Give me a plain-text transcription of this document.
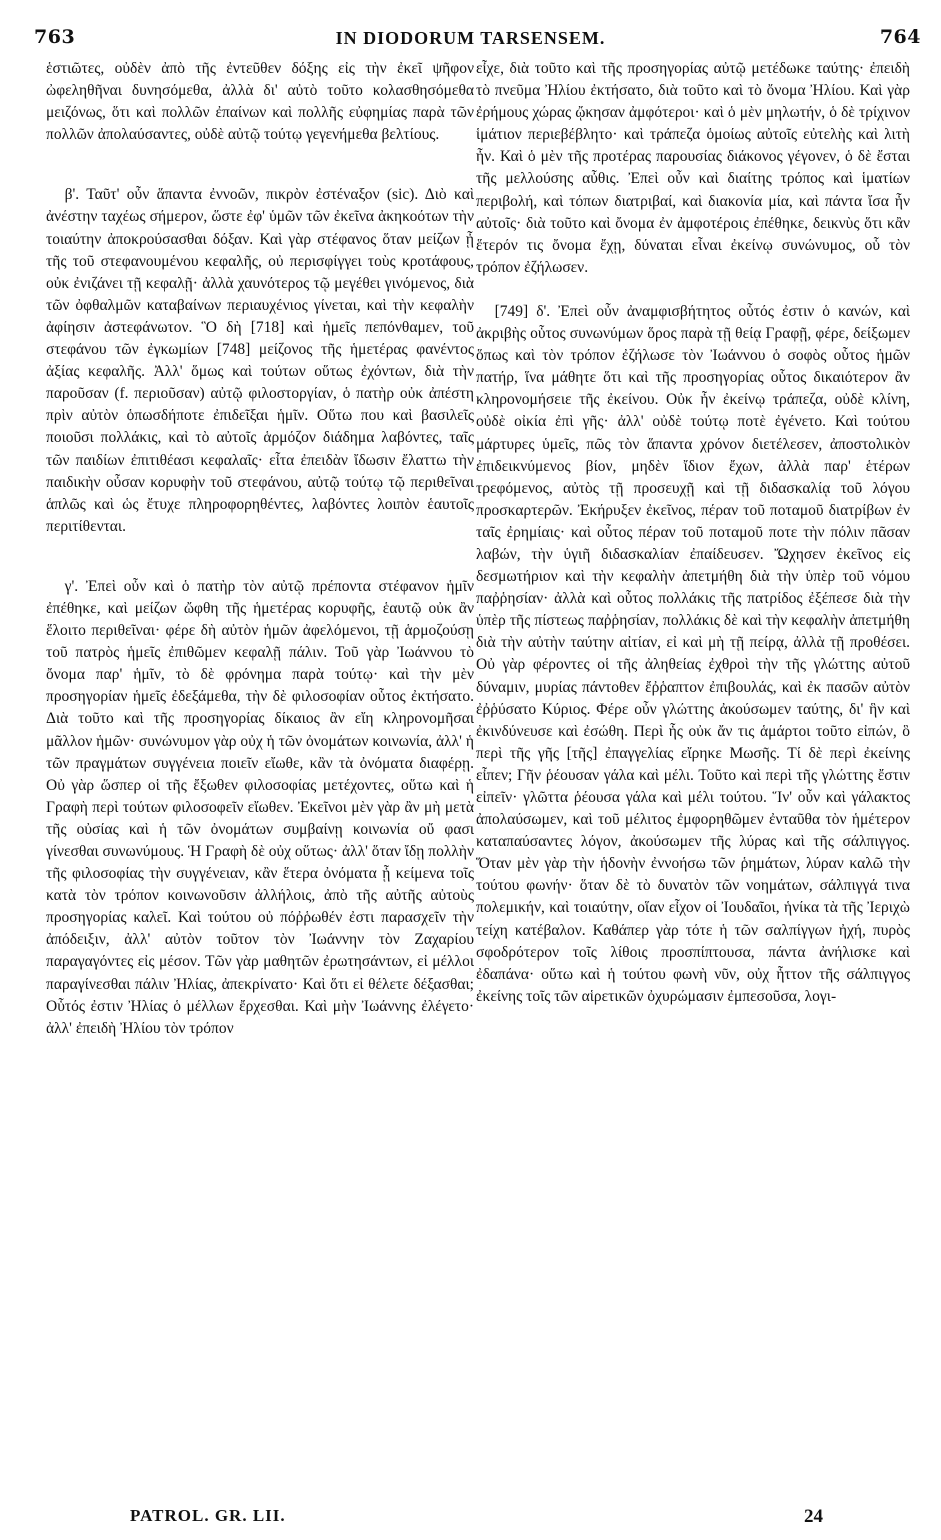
763	IN DIODORUM TARSENSEM.	764

ἑστιῶτες, οὐδὲν ἀπὸ τῆς ἐντεῦθεν δόξης εἰς τὴν ἐκεῖ ψῆφον ὠφεληθῆναι δυνησόμεθα, ἀλλὰ δι' αὐτὸ τοῦτο κολασθησόμεθα μειζόνως, ὅτι καὶ πολλῶν ἐπαίνων καὶ πολλῆς εὐφημίας παρὰ τῶν πολλῶν ἀπολαύσαντες, οὐδὲ αὐτῷ τούτῳ γεγενήμεθα βελτίους.

β'. Ταῦτ' οὖν ἅπαντα ἐννοῶν, πικρὸν ἐστέναξον (sic). Διὸ καὶ ἀνέστην ταχέως σήμερον, ὥστε ἐφ' ὑμῶν τῶν ἐκεῖνα ἀκηκοότων τὴν τοιαύτην ἀποκρούσασθαι δόξαν. Καὶ γὰρ στέφανος ὅταν μείζων ᾖ τῆς τοῦ στεφανουμένου κεφαλῆς, οὐ περισφίγγει τοὺς κροτάφους, οὐκ ἐνιζάνει τῇ κεφαλῇ· ἀλλὰ χαυνότερος τῷ μεγέθει γινόμενος, διὰ τῶν ὀφθαλμῶν καταβαίνων περιαυχένιος γίνεται, καὶ τὴν κεφαλὴν ἀφίησιν ἀστεφάνωτον. Ὃ δὴ [718] καὶ ἡμεῖς πεπόνθαμεν, τοῦ στεφάνου τῶν ἐγκωμίων [748] μείζονος τῆς ἡμετέρας φανέντος ἀξίας κεφαλῆς. Ἀλλ' ὅμως καὶ τούτων οὕτως ἐχόντων, διὰ τὴν παροῦσαν (f. περιοῦσαν) αὐτῷ φιλοστοργίαν, ὁ πατὴρ οὐκ ἀπέστη πρὶν αὐτὸν ὁπωσδήποτε ἐπιδεῖξαι ἡμῖν. Οὕτω που καὶ βασιλεῖς ποιοῦσι πολλάκις, καὶ τὸ αὐτοῖς ἁρμόζον διάδημα λαβόντες, ταῖς τῶν παιδίων ἐπιτιθέασι κεφαλαῖς· εἶτα ἐπειδὰν ἴδωσιν ἔλαττω τὴν παιδικὴν οὖσαν κορυφὴν τοῦ στεφάνου, αὐτῷ τούτῳ τῷ περιθεῖναι ἁπλῶς καὶ ὡς ἔτυχε πληροφορηθέντες, λαβόντες λοιπὸν ἑαυτοῖς περιτίθενται.

γ'. Ἐπεὶ οὖν καὶ ὁ πατὴρ τὸν αὐτῷ πρέποντα στέφανον ἡμῖν ἐπέθηκε, καὶ μείζων ὤφθη τῆς ἡμετέρας κορυφῆς, ἑαυτῷ οὐκ ἂν ἕλοιτο περιθεῖναι· φέρε δὴ αὐτὸν ἡμῶν ἀφελόμενοι, τῇ ἁρμοζούσῃ τοῦ πατρὸς ἡμεῖς ἐπιθῶμεν κεφαλῇ πάλιν. Τοῦ γὰρ Ἰωάννου τὸ ὄνομα παρ' ἡμῖν, τὸ δὲ φρόνημα παρὰ τούτῳ· καὶ τὴν μὲν προσηγορίαν ἡμεῖς ἐδεξάμεθα, τὴν δὲ φιλοσοφίαν οὗτος ἐκτήσατο. Διὰ τοῦτο καὶ τῆς προσηγορίας δίκαιος ἂν εἴη κληρονομῆσαι μᾶλλον ἡμῶν· συνώνυμον γὰρ οὐχ ἡ τῶν ὀνομάτων κοινωνία, ἀλλ' ἡ τῶν πραγμάτων συγγένεια ποιεῖν εἴωθε, κἂν τὰ ὀνόματα διαφέρῃ. Οὐ γὰρ ὥσπερ οἱ τῆς ἔξωθεν φιλοσοφίας μετέχοντες, οὕτω καὶ ἡ Γραφὴ περὶ τούτων φιλοσοφεῖν εἴωθεν. Ἐκεῖνοι μὲν γὰρ ἂν μὴ μετὰ τῆς οὐσίας καὶ ἡ τῶν ὀνομάτων συμβαίνῃ κοινωνία οὔ φασι γίνεσθαι συνωνύμους. Ἡ Γραφὴ δὲ οὐχ οὕτως· ἀλλ' ὅταν ἴδῃ πολλὴν τῆς φιλοσοφίας τὴν συγγένειαν, κἂν ἕτερα ὀνόματα ᾖ κείμενα τοῖς κατὰ τὸν τρόπον κοινωνοῦσιν ἀλλήλοις, ἀπὸ τῆς αὐτῆς αὐτοὺς προσηγορίας καλεῖ. Καὶ τούτου οὐ πόῤῥωθέν ἐστι παρασχεῖν τὴν ἀπόδειξιν, ἀλλ' αὐτὸν τοῦτον τὸν Ἰωάννην τὸν Ζαχαρίου παραγαγόντες εἰς μέσον. Τῶν γὰρ μαθητῶν ἐρωτησάντων, εἰ μέλλοι παραγίνεσθαι πάλιν Ἠλίας, ἀπεκρίνατο· Καὶ ὅτι εἰ θέλετε δέξασθαι; Οὗτός ἐστιν Ἠλίας ὁ μέλλων ἔρχεσθαι. Καὶ μὴν Ἰωάννης ἐλέγετο· ἀλλ' ἐπειδὴ Ἠλίου τὸν τρόπον

εἶχε, διὰ τοῦτο καὶ τῆς προσηγορίας αὐτῷ μετέδωκε ταύτης· ἐπειδὴ τὸ πνεῦμα Ἠλίου ἐκτήσατο, διὰ τοῦτο καὶ τὸ ὄνομα Ἠλίου. Καὶ γὰρ ἐρήμους χώρας ᾤκησαν ἀμφότεροι· καὶ ὁ μὲν μηλωτήν, ὁ δὲ τρίχινον ἱμάτιον περιεβέβλητο· καὶ τράπεζα ὁμοίως αὐτοῖς εὐτελὴς καὶ λιτὴ ἦν. Καὶ ὁ μὲν τῆς προτέρας παρουσίας διάκονος γέγονεν, ὁ δὲ ἔσται τῆς μελλούσης αὖθις. Ἐπεὶ οὖν καὶ διαίτης τρόπος καὶ ἱματίων περιβολή, καὶ τόπων διατριβαί, καὶ διακονία μία, καὶ πάντα ἴσα ἦν αὐτοῖς· διὰ τοῦτο καὶ ὄνομα ἐν ἀμφοτέροις ἐπέθηκε, δεικνὺς ὅτι κἂν ἕτερόν τις ὄνομα ἔχῃ, δύναται εἶναι ἐκείνῳ συνώνυμος, οὗ τὸν τρόπον ἐζήλωσεν.

[749] δ'. Ἐπεὶ οὖν ἀναμφισβήτητος οὗτός ἐστιν ὁ κανών, καὶ ἀκριβὴς οὗτος συνωνύμων ὅρος παρὰ τῇ θείᾳ Γραφῇ, φέρε, δείξωμεν ὅπως καὶ τὸν τρόπον ἐζήλωσε τὸν Ἰωάννου ὁ σοφὸς οὗτος ἡμῶν πατήρ, ἵνα μάθητε ὅτι καὶ τῆς προσηγορίας οὗτος δικαιότερον ἂν κληρονομήσειε τῆς ἐκείνου. Οὐκ ἦν ἐκείνῳ τράπεζα, οὐδὲ κλίνη, οὐδὲ οἰκία ἐπὶ γῆς· ἀλλ' οὐδὲ τούτῳ ποτὲ ἐγένετο. Καὶ τούτου μάρτυρες ὑμεῖς, πῶς τὸν ἅπαντα χρόνον διετέλεσεν, ἀποστολικὸν ἐπιδεικνύμενος βίον, μηδὲν ἴδιον ἔχων, ἀλλὰ παρ' ἑτέρων τρεφόμενος, αὐτὸς τῇ προσευχῇ καὶ τῇ διδασκαλίᾳ τοῦ λόγου προσκαρτερῶν. Ἐκήρυξεν ἐκεῖνος, πέραν τοῦ ποταμοῦ διατρίβων ἐν ταῖς ἐρημίαις· καὶ οὗτος πέραν τοῦ ποταμοῦ ποτε τὴν πόλιν πᾶσαν λαβών, τὴν ὑγιῆ διδασκαλίαν ἐπαίδευσεν. Ὤχησεν ἐκεῖνος εἰς δεσμωτήριον καὶ τὴν κεφαλὴν ἀπετμήθη διὰ τὴν ὑπὲρ τοῦ νόμου παῤῥησίαν· ἀλλὰ καὶ οὗτος πολλάκις τῆς πατρίδος ἐξέπεσε διὰ τὴν ὑπὲρ τῆς πίστεως παῤῥησίαν, πολλάκις δὲ καὶ τὴν κεφαλὴν ἀπετμήθη διὰ τὴν αὐτὴν ταύτην αἰτίαν, εἰ καὶ μὴ τῇ πείρᾳ, ἀλλὰ τῇ προθέσει. Οὐ γὰρ φέροντες οἱ τῆς ἀληθείας ἐχθροὶ τὴν τῆς γλώττης αὐτοῦ δύναμιν, μυρίας πάντοθεν ἔῤῥαπτον ἐπιβουλάς, καὶ ἐκ πασῶν αὐτὸν ἐῤῥύσατο Κύριος. Φέρε οὖν γλώττης ἀκούσωμεν ταύτης, δι' ἣν καὶ ἐκινδύνευσε καὶ ἐσώθη. Περὶ ἧς οὐκ ἄν τις ἁμάρτοι τοῦτο εἰπών, ὃ περὶ τῆς γῆς [τῆς] ἐπαγγελίας εἴρηκε Μωσῆς. Τί δὲ περὶ ἐκείνης εἶπεν; Γῆν ῥέουσαν γάλα καὶ μέλι. Τοῦτο καὶ περὶ τῆς γλώττης ἔστιν εἰπεῖν· γλῶττα ῥέουσα γάλα καὶ μέλι τούτου. Ἵν' οὖν καὶ γάλακτος ἀπολαύσωμεν, καὶ τοῦ μέλιτος ἐμφορηθῶμεν ἐνταῦθα τὸν ἡμέτερον καταπαύσαντες λόγον, ἀκούσωμεν τῆς λύρας καὶ τῆς σάλπιγγος. Ὅταν μὲν γὰρ τὴν ἡδονὴν ἐννοήσω τῶν ῥημάτων, λύραν καλῶ τὴν τούτου φωνήν· ὅταν δὲ τὸ δυνατὸν τῶν νοημάτων, σάλπιγγά τινα πολεμικήν, καὶ τοιαύτην, οἵαν εἶχον οἱ Ἰουδαῖοι, ἡνίκα τὰ τῆς Ἰεριχὼ τείχη κατέβαλον. Καθάπερ γὰρ τότε ἡ τῶν σαλπίγγων ἠχή, πυρὸς σφοδρότερον τοῖς λίθοις προσπίπτουσα, πάντα ἀνήλισκε καὶ ἐδαπάνα· οὕτω καὶ ἡ τούτου φωνὴ νῦν, οὐχ ἧττον τῆς σάλπιγγος ἐκείνης τοῖς τῶν αἱρετικῶν ὀχυρώμασιν ἐμπεσοῦσα, λογι-

PATROL. GR. LII.	24
